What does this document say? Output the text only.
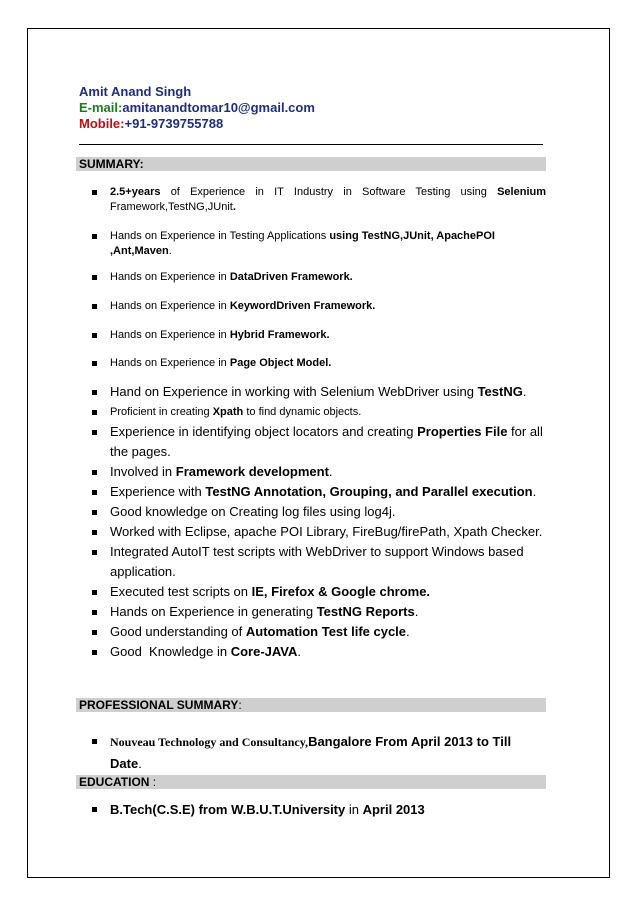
Amit Anand Singh
E-mail:amitanandtomar10@gmail.com
Mobile:+91-9739755788
SUMMARY:
2.5+years of Experience in IT Industry in Software Testing using Selenium Framework,TestNG,JUnit.
Hands on Experience in Testing Applications using TestNG,JUnit, ApachePOI ,Ant,Maven.
Hands on Experience in DataDriven Framework.
Hands on Experience in KeywordDriven Framework.
Hands on Experience in Hybrid Framework.
Hands on Experience in Page Object Model.
Hand on Experience in working with Selenium WebDriver using TestNG.
Proficient in creating Xpath to find dynamic objects.
Experience in identifying object locators and creating Properties File for all the pages.
Involved in Framework development.
Experience with TestNG Annotation, Grouping, and Parallel execution.
Good knowledge on Creating log files using log4j.
Worked with Eclipse, apache POI Library, FireBug/firePath, Xpath Checker.
Integrated AutoIT test scripts with WebDriver to support Windows based application.
Executed test scripts on IE, Firefox & Google chrome.
Hands on Experience in generating TestNG Reports.
Good understanding of Automation Test life cycle.
Good  Knowledge in Core-JAVA.
PROFESSIONAL SUMMARY:
Nouveau Technology and Consultancy,Bangalore From April 2013 to Till Date.
EDUCATION :
B.Tech(C.S.E) from W.B.U.T.University in April 2013
